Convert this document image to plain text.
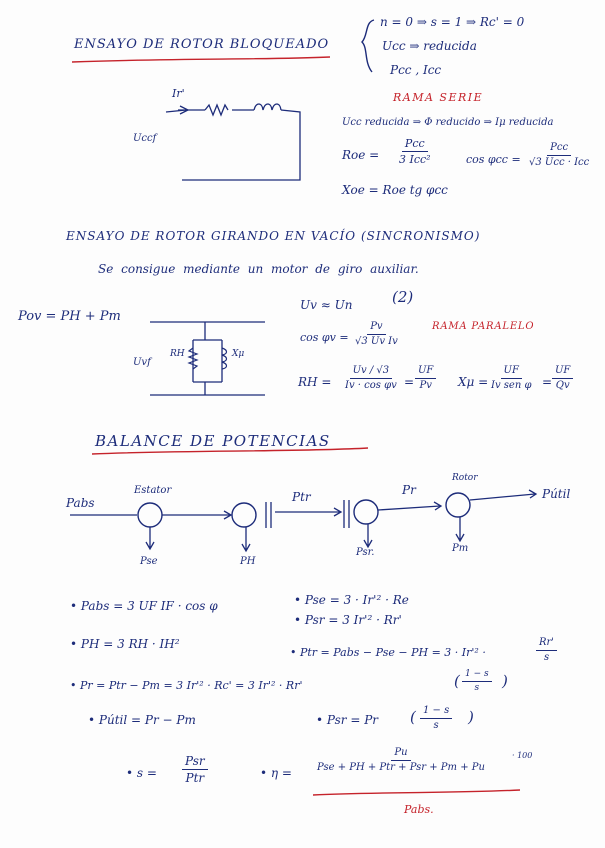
ENSAYO DE ROTOR BLOQUEADO
n = 0 ⇒ s = 1 ⇒ Rc' = 0
Ucc ⇒ reducida
Pcc , Icc
RAMA SERIE
Ir'
Uccf
Ucc reducida ⇒ Φ reducido ⇒ Iμ reducida
Roe =
Pcc
3 Icc²	cos φcc =
Pcc
√3 Ucc · Icc
Xoe = Roe tg φcc
ENSAYO DE ROTOR GIRANDO EN VACÍO (SINCRONISMO)
Se consigue mediante un motor de giro auxiliar.
Pov = PH + Pm
Uv ≈ Un	(2)
$\cos \varphi v = \frac{Pv}{\text{√3 Uv Iv}}$	RAMA PARALELO
Uvf
RH	Xμ
RH = $\frac{Uv / √3}{\text{Iv · cos φv}} = \frac{UF}{Pv}$ Xμ =
UF
Iv sen $\varphi = \frac{UF}{Qv}$
BALANCE DE POTENCIAS
Pabs
Estator	Ptr	Pr
Rotor
Pútil
Pse	PH
Psr.	Pm
• Pabs = 3 UF IF · cos φ
• PH = 3 RH · IH²
• Pse = 3 · Ir'² · Re
• Psr = 3 Ir'² · Rr'
• Ptr = Pabs − Pse − PH = 3 · Ir'² ·	$\frac{Rr'}{s}$
• Pr = Ptr − Pm = 3 Ir'² · Rc' = 3 Ir'² · Rr'	( $\frac{1 - s}{s}$ )
• Pútil = Pr − Pm	• Psr = Pr ( $\frac{1 - s}{s}$ )
• s =
Psr
Ptr	• η =
Pu
Pse + PH + Ptr + Psr + Pm + Pu
· 100
Pabs.
